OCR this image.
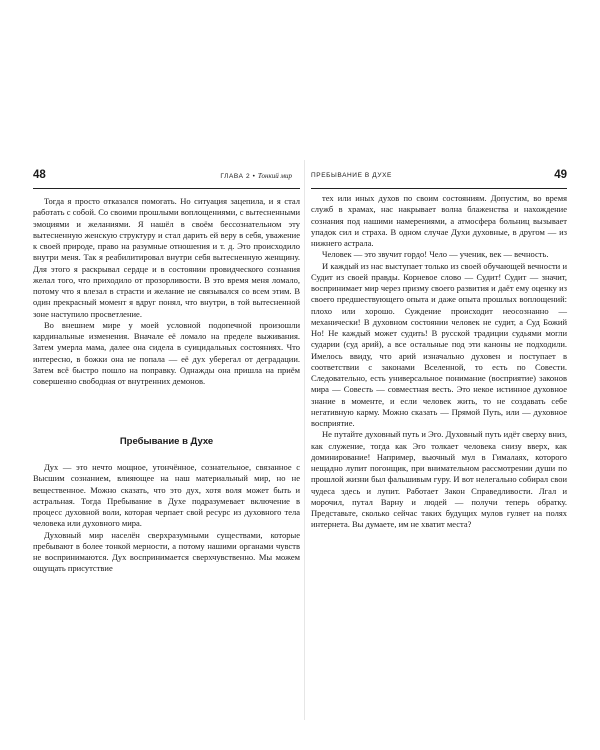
48	ГЛАВА 2 • Тонкий мир

Тогда я просто отказался помогать. Но ситуация зацепила, и я стал работать с собой. Со своими прошлыми воплощениями, с вытесненными эмоциями и желаниями. Я нашёл в своём бессознательном эту вытесненную женскую структуру и стал дарить ей веру в себя, уважение к своей природе, право на разумные отношения и т. д. Это происходило внутри меня. Так я реабилитировал внутри себя вытесненную женщину. Для этого я раскрывал сердце и в состоянии провидческого сознания желал того, что приходило от прозорливости. В это время меня ломало, потому что я влезал в страсти и желание не связывался со всем этим. В один прекрасный момент я вдруг понял, что внутри, в той вытесненной зоне наступило просветление.

Во внешнем мире у моей условной подопечной произошли кардинальные изменения. Вначале её ломало на пределе выживания. Затем умерла мама, далее она сидела в суицидальных состояниях. Что интересно, в божки она не попала — её дух уберегал от деградации. Затем всё быстро пошло на поправку. Однажды она пришла на приём совершенно свободная от внутренних демонов.

Пребывание в Духе

Дух — это нечто мощное, утончённое, сознательное, связанное с Высшим сознанием, влияющее на наш материальный мир, но не вещественное. Можно сказать, что это дух, хотя воля может быть и астральная. Тогда Пребывание в Духе подразумевает включение в процесс духовной воли, которая черпает свой ресурс из духовного тела человека или духовного мира.

Духовный мир населён сверхразумными существами, которые пребывают в более тонкой мерности, а потому нашими органами чувств не воспринимаются. Дух воспринимается сверхчувственно. Мы можем ощущать присутствие

ПРЕБЫВАНИЕ В ДУХЕ	49

тех или иных духов по своим состояниям. Допустим, во время служб в храмах, нас накрывает волна блаженства и нахождение сознания под нашими намерениями, а атмосфера больниц вызывает упадок сил и страха. В одном случае Духи духовные, в другом — из нижнего астрала.

Человек — это звучит гордо! Чело — ученик, век — вечность.

И каждый из нас выступает только из своей обучающей вечности и Судит из своей правды. Корневое слово — Судит! Судит — значит, воспринимает мир через призму своего развития и даёт ему оценку из своего предшествующего опыта и даже опыта прошлых воплощений: плохо или хорошо. Суждение происходит неосознанно — механически! В духовном состоянии человек не судит, а Суд Божий Но! Не каждый может судить! В русской традиции судьями могли сударии (суд арий), а все остальные под эти каноны не подходили. Имелось ввиду, что арий изначально духовен и поступает в соответствии с законами Вселенной, то есть по Совести. Следовательно, есть универсальное понимание (восприятие) законов мира — Совесть — совместная весть. Это некое истинное духовное знание в моменте, и если человек жить, то не создавать себе негативную карму. Можно сказать — Прямой Путь, или — духовное восприятие.

Не путайте духовный путь и Эго. Духовный путь идёт сверху вниз, как служение, тогда как Эго толкает человека снизу вверх, как доминирование! Например, вьючный мул в Гималаях, которого нещадно лупит погонщик, при внимательном рассмотрении души по прошлой жизни был фальшивым гуру. И вот нелегально собирал свои чудеса здесь и лупит. Работает Закон Справедливости. Лгал и морочил, путал Варну и людей — получи теперь обратку. Представьте, сколько сейчас таких будущих мулов гуляет на полях интернета. Вы думаете, им не хватит места?
